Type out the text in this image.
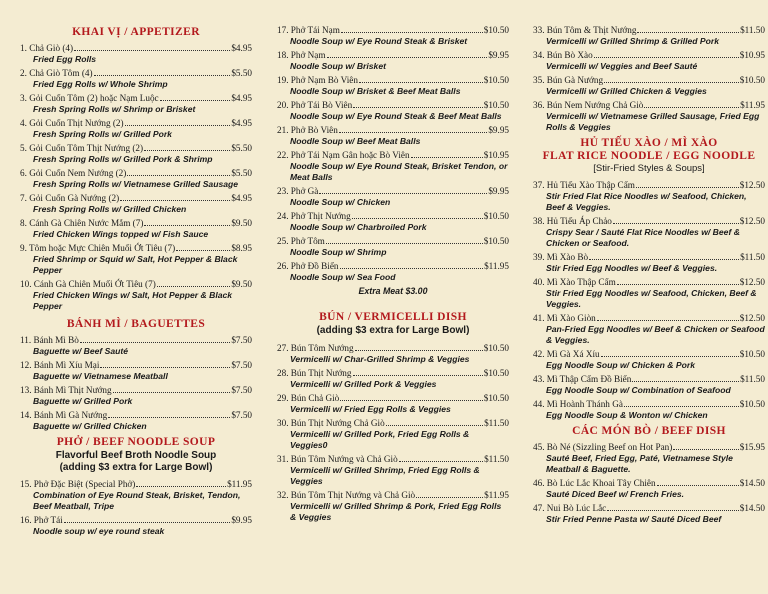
KHAI VỊ / APPETIZER
1. Chả Giò (4)	$4.95
Fried Egg Rolls
2. Chả Giò Tôm (4)	$5.50
Fried Egg Rolls w/ Whole Shrimp
3. Gỏi Cuốn Tôm (2) hoặc Nạm Luộc	$4.95
Fresh Spring Rolls w/ Shrimp or Brisket
4. Gỏi Cuốn Thịt Nướng (2)	$4.95
Fresh Spring Rolls w/ Grilled Pork
5. Gỏi Cuốn Tôm Thịt Nướng (2)	$5.50
Fresh Spring Rolls w/ Grilled Pork & Shrimp
6. Gỏi Cuốn Nem Nướng (2)	$5.50
Fresh Spring Rolls w/ Vietnamese Grilled Sausage
7. Gỏi Cuốn Gà Nướng (2)	$4.95
Fresh Spring Rolls w/ Grilled Chicken
8. Cánh Gà Chiên Nước Mắm (7)	$9.50
Fried Chicken Wings topped w/ Fish Sauce
9. Tôm hoặc Mực Chiên Muối Ớt Tiêu (7)	$8.95
Fried Shrimp or Squid w/ Salt, Hot Pepper & Black Pepper
10. Cánh Gà Chiên Muối Ớt Tiêu (7)	$9.50
Fried Chicken Wings w/ Salt, Hot Pepper & Black Pepper
BÁNH MÌ / BAGUETTES
11. Bánh Mì Bò	$7.50
Baguette w/ Beef Sauté
12. Bánh Mì Xíu Mại	$7.50
Baguette w/ Vietnamese Meatball
13. Bánh Mì Thịt Nướng	$7.50
Baguette w/ Grilled Pork
14. Bánh Mì Gà Nướng	$7.50
Baguette w/ Grilled Chicken
PHỞ / BEEF NOODLE SOUP
Flavorful Beef Broth Noodle Soup
(adding $3 extra for Large Bowl)
15. Phở Đặc Biệt (Special Phở)	$11.95
Combination of Eye Round Steak, Brisket, Tendon, Beef Meatball, Tripe
16. Phở Tái	$9.95
Noodle soup w/ eye round steak
17. Phở Tái Nạm	$10.50
Noodle Soup w/ Eye Round Steak & Brisket
18. Phở Nạm	$9.95
Noodle Soup w/ Brisket
19. Phở Nạm Bò Viên	$10.50
Noodle Soup w/ Brisket & Beef Meat Balls
20. Phở Tái Bò Viên	$10.50
Noodle Soup w/ Eye Round Steak & Beef Meat Balls
21. Phở Bò Viên	$9.95
Noodle Soup w/ Beef Meat Balls
22. Phở Tái Nạm Gân hoặc Bò Viên	$10.95
Noodle Soup w/ Eye Round Steak, Brisket Tendon, or Meat Balls
23. Phở Gà	$9.95
Noodle Soup w/ Chicken
24. Phở Thịt Nướng	$10.50
Noodle Soup w/ Charbroiled Pork
25. Phở Tôm	$10.50
Noodle Soup w/ Shrimp
26. Phở Đồ Biển	$11.95
Noodle Soup w/ Sea Food
Extra Meat $3.00
BÚN / VERMICELLI DISH
(adding $3 extra for Large Bowl)
27. Bún Tôm Nướng	$10.50
Vermicelli w/ Char-Grilled Shrimp & Veggies
28. Bún Thịt Nướng	$10.50
Vermicelli w/ Grilled Pork & Veggies
29. Bún Chả Giò	$10.50
Vermicelli w/ Fried Egg Rolls & Veggies
30. Bún Thịt Nướng Chả Giò	$11.50
Vermicelli w/ Grilled Pork, Fried Egg Rolls & Veggies0
31. Bún Tôm Nướng và Chả Giò	$11.50
Vermicelli w/ Grilled Shrimp, Fried Egg Rolls & Veggies
32. Bún Tôm Thịt Nướng và Chả Giò	$11.95
Vermicelli w/ Grilled Shrimp & Pork, Fried Egg Rolls & Veggies
33. Bún Tôm & Thịt Nướng	$11.50
Vermicelli w/ Grilled Shrimp & Grilled Pork
34. Bún Bò Xào	$10.95
Vermicelli w/ Veggies and Beef Sauté
35. Bún Gà Nướng	$10.50
Vermicelli w/ Grilled Chicken & Veggies
36. Bún Nem Nướng Chả Giò	$11.95
Vermicelli w/ Vietnamese Grilled Sausage, Fried Egg Rolls & Veggies
HỦ TIẾU XÀO / MÌ XÀO
FLAT RICE NOODLE / EGG NOODLE
[Stir-Fried Styles & Soups]
37. Hủ Tiếu Xào Thập Cẩm	$12.50
Stir Fried Flat Rice Noodles w/ Seafood, Chicken, Beef & Veggies.
38. Hủ Tiếu Áp Chảo	$12.50
Crispy Sear / Sauté Flat Rice Noodles w/ Beef & Chicken or Seafood.
39. Mì Xào Bò	$11.50
Stir Fried Egg Noodles w/ Beef & Veggies.
40. Mì Xào Thập Cẩm	$12.50
Stir Fried Egg Noodles w/ Seafood, Chicken, Beef & Veggies.
41. Mì Xào Giòn	$12.50
Pan-Fried Egg Noodles w/ Beef & Chicken or Seafood & Veggies.
42. Mì Gà Xá Xíu	$10.50
Egg Noodle Soup w/ Chicken & Pork
43. Mì Thập Cẩm Đồ Biển	$11.50
Egg Noodle Soup w/ Combination of Seafood
44. Mì Hoành Thánh Gà	$10.50
Egg Noodle Soup & Wonton w/ Chicken
CÁC MÓN BÒ / BEEF DISH
45. Bò Né (Sizzling Beef on Hot Pan)	$15.95
Sauté Beef, Fried Egg, Paté, Vietnamese Style Meatball & Baguette.
46. Bò Lúc Lắc Khoai Tây Chiên	$14.50
Sauté Diced Beef w/ French Fries.
47. Nui Bò Lúc Lắc	$14.50
Stir Fried Penne Pasta w/ Sauté Diced Beef
